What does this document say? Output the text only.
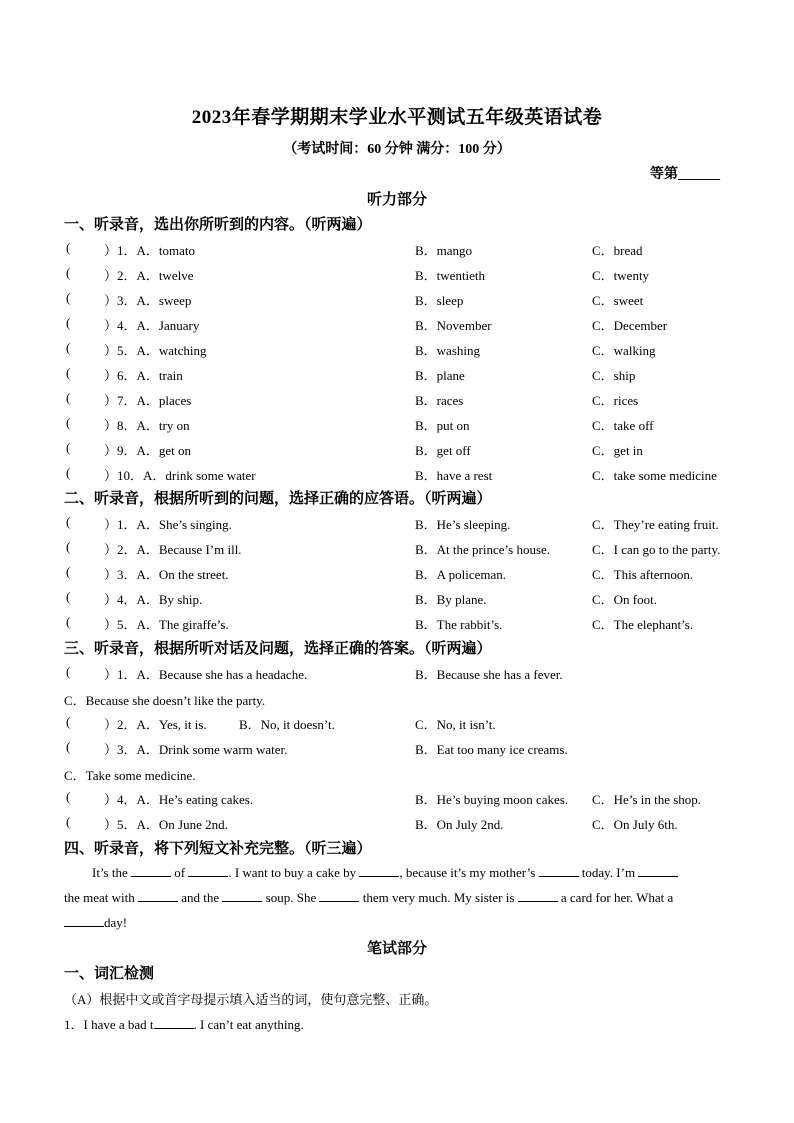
2023年春学期期末学业水平测试五年级英语试卷
（考试时间：60 分钟 满分：100 分）
等第______
听力部分
一、听录音，选出你所听到的内容。（听两遍）
(	）1．A．tomato	B．mango	C．bread
(	）2．A．twelve	B．twentieth	C．twenty
(	）3．A．sweep	B．sleep	C．sweet
(	）4．A．January	B．November	C．December
(	）5．A．watching	B．washing	C．walking
(	）6．A．train	B．plane	C．ship
(	）7．A．places	B．races	C．rices
(	）8．A．try on	B．put on	C．take off
(	）9．A．get on	B．get off	C．get in
(	）10．A．drink some water	B．have a rest	C．take some medicine
二、听录音，根据所听到的问题，选择正确的应答语。（听两遍）
(	）1．A．She’s singing.	B．He’s sleeping.	C．They’re eating fruit.
(	）2．A．Because I’m ill.	B．At the prince’s house.	C．I can go to the party.
(	）3．A．On the street.	B．A policeman.	C．This afternoon.
(	）4．A．By ship.	B．By plane.	C．On foot.
(	）5．A．The giraffe’s.	B．The rabbit’s.	C．The elephant’s.
三、听录音，根据所听对话及问题，选择正确的答案。（听两遍）
(	）1．A．Because she has a headache.	B．Because she has a fever.
C．Because she doesn’t like the party.
(	）2．A．Yes, it is. B．No, it doesn’t.	C．No, it isn’t.
(	）3．A．Drink some warm water.	B．Eat too many ice creams.
C．Take some medicine.
(	）4．A．He’s eating cakes.	B．He’s buying moon cakes. C．He’s in the shop.
(	）5．A．On June 2nd.	B．On July 2nd.	C．On July 6th.
四、听录音，将下列短文补充完整。（听三遍）
It’s the	of	. I want to buy a cake by	, because it’s my mother’s	today. I’m
the meat with	and the	soup. She	them very much. My sister is	a card for her. What a
day!
笔试部分
一、词汇检测
（A）根据中文或首字母提示填入适当的词，使句意完整、正确。
1．I have a bad t	. I can’t eat anything.
